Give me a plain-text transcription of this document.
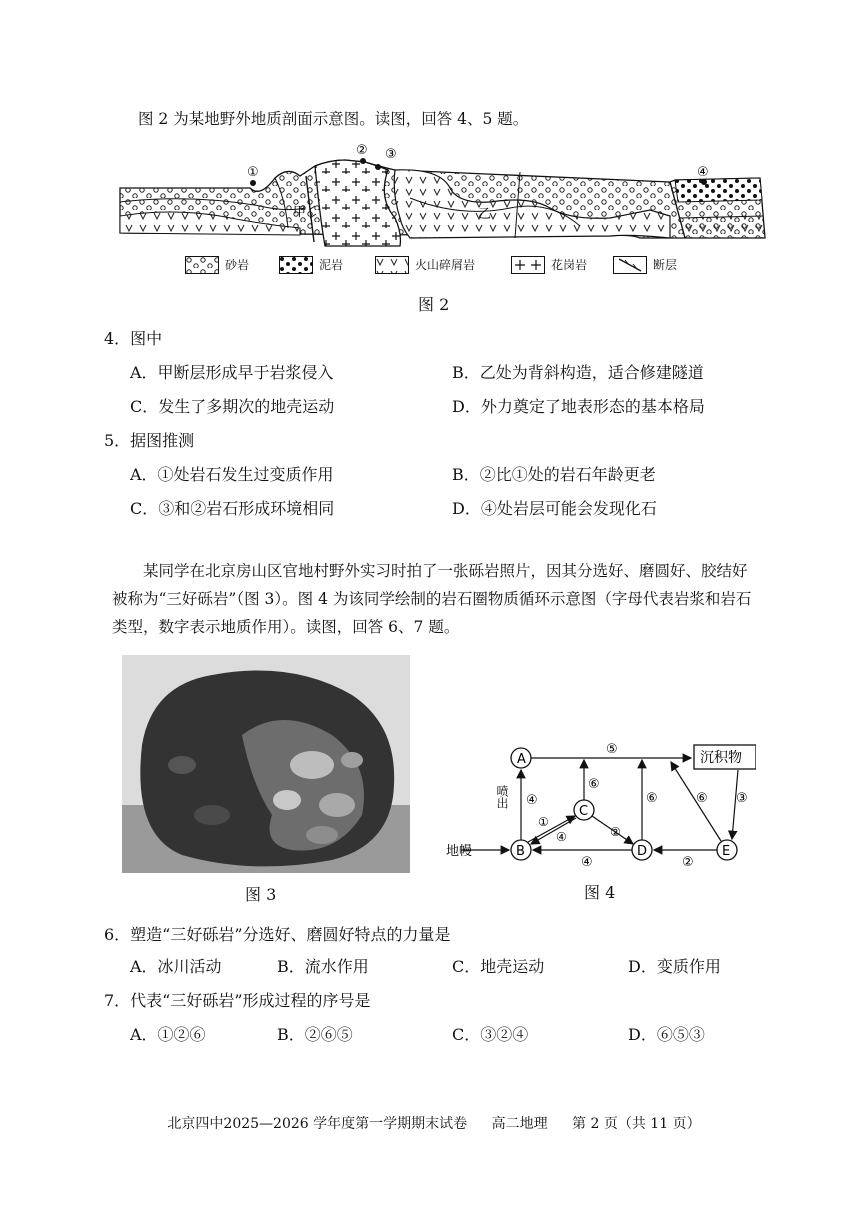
图 2 为某地野外地质剖面示意图。读图，回答 4、5 题。
①
② ③
④
甲	乙
砂岩	泥岩	火山碎屑岩	花岗岩	断层
图 2
4．图中
A．甲断层形成早于岩浆侵入	B．乙处为背斜构造，适合修建隧道
C．发生了多期次的地壳运动	D．外力奠定了地表形态的基本格局
5．据图推测
A．①处岩石发生过变质作用	B．②比①处的岩石年龄更老
C．③和②岩石形成环境相同	D．④处岩层可能会发现化石
某同学在北京房山区官地村野外实习时拍了一张砾岩照片，因其分选好、磨圆好、胶结好被称为“三好砾岩”（图 3）。图 4 为该同学绘制的岩石圈物质循环示意图（字母代表岩浆和岩石类型，数字表示地质作用）。读图，回答 6、7 题。
图 3
A
B
C
D	E
沉积物
⑤
喷出 ④
⑥
①
④	②
⑥
④	②
⑥ ③
地幔
图 4
6．塑造“三好砾岩”分选好、磨圆好特点的力量是
A．冰川活动	B．流水作用	C．地壳运动	D．变质作用
7．代表“三好砾岩”形成过程的序号是
A．①②⑥	B．②⑥⑤	C．③②④	D．⑥⑤③
北京四中2025—2026 学年度第一学期期末试卷 高二地理 第 2 页（共 11 页）
